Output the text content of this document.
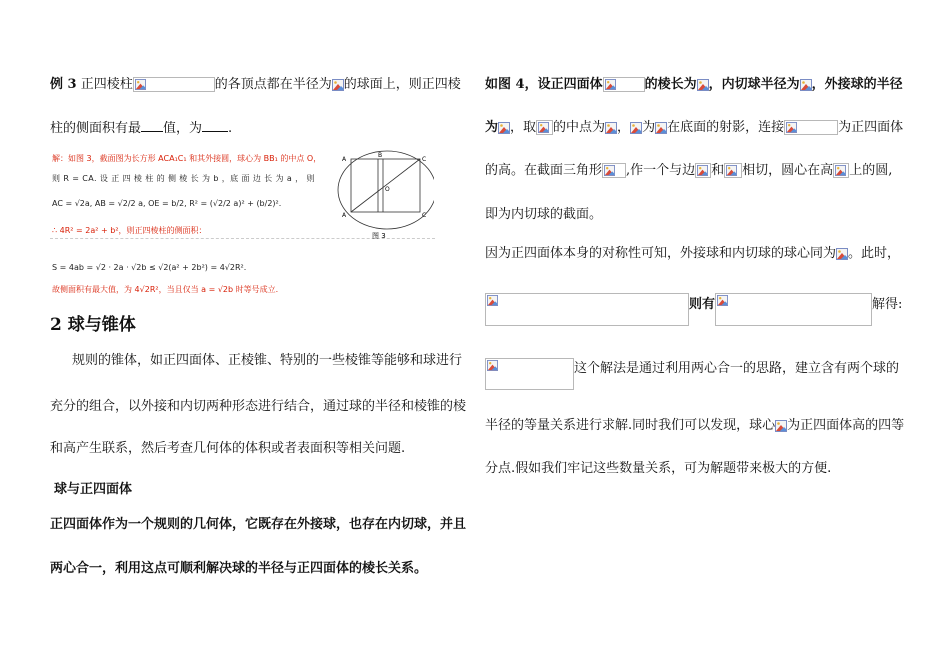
例 3 正四棱柱	的各顶点都在半径为 的球面上，则正四棱
柱的侧面积有最 值，为 .
解：如图 3，截面图为长方形 ACA₁C₁ 和其外接圆，球心为 BB₁ 的中点 O，
则 R = CA. 设 正 四 棱 柱 的 侧 棱 长 为 b ，底 面 边 长 为 a ， 则
AC = √2a, AB = √2/2 a, OE = b/2, R² = (√2/2 a)² + (b/2)².
∴ 4R² = 2a² + b²，则正四棱柱的侧面积：
S = 4ab = √2 · 2a · √2b ≤ √2(a² + 2b²) = 4√2R².
故侧面积有最大值，为 4√2R²，当且仅当 a = √2b 时等号成立.
A
B
C
O
A	C
图 3
2 球与锥体
规则的锥体，如正四面体、正棱锥、特别的一些棱锥等能够和球进行
充分的组合，以外接和内切两种形态进行结合，通过球的半径和棱锥的棱
和高产生联系，然后考查几何体的体积或者表面积等相关问题.
球与正四面体
正四面体作为一个规则的几何体，它既存在外接球，也存在内切球，并且
两心合一，利用这点可顺利解决球的半径与正四面体的棱长关系。
如图 4，设正四面体	的棱长为 ，内切球半径为 ，外接球的半径
为 ，取 的中点为 ， 为 在底面的射影，连接	为正四面体
的高。在截面三角形 ,作一个与边 和 相切，圆心在高 上的圆,
即为内切球的截面。
因为正四面体本身的对称性可知，外接球和内切球的球心同为 。此时，
则有	解得:
这个解法是通过利用两心合一的思路，建立含有两个球的
半径的等量关系进行求解.同时我们可以发现，球心 为正四面体高的四等
分点.假如我们牢记这些数量关系，可为解题带来极大的方便.
